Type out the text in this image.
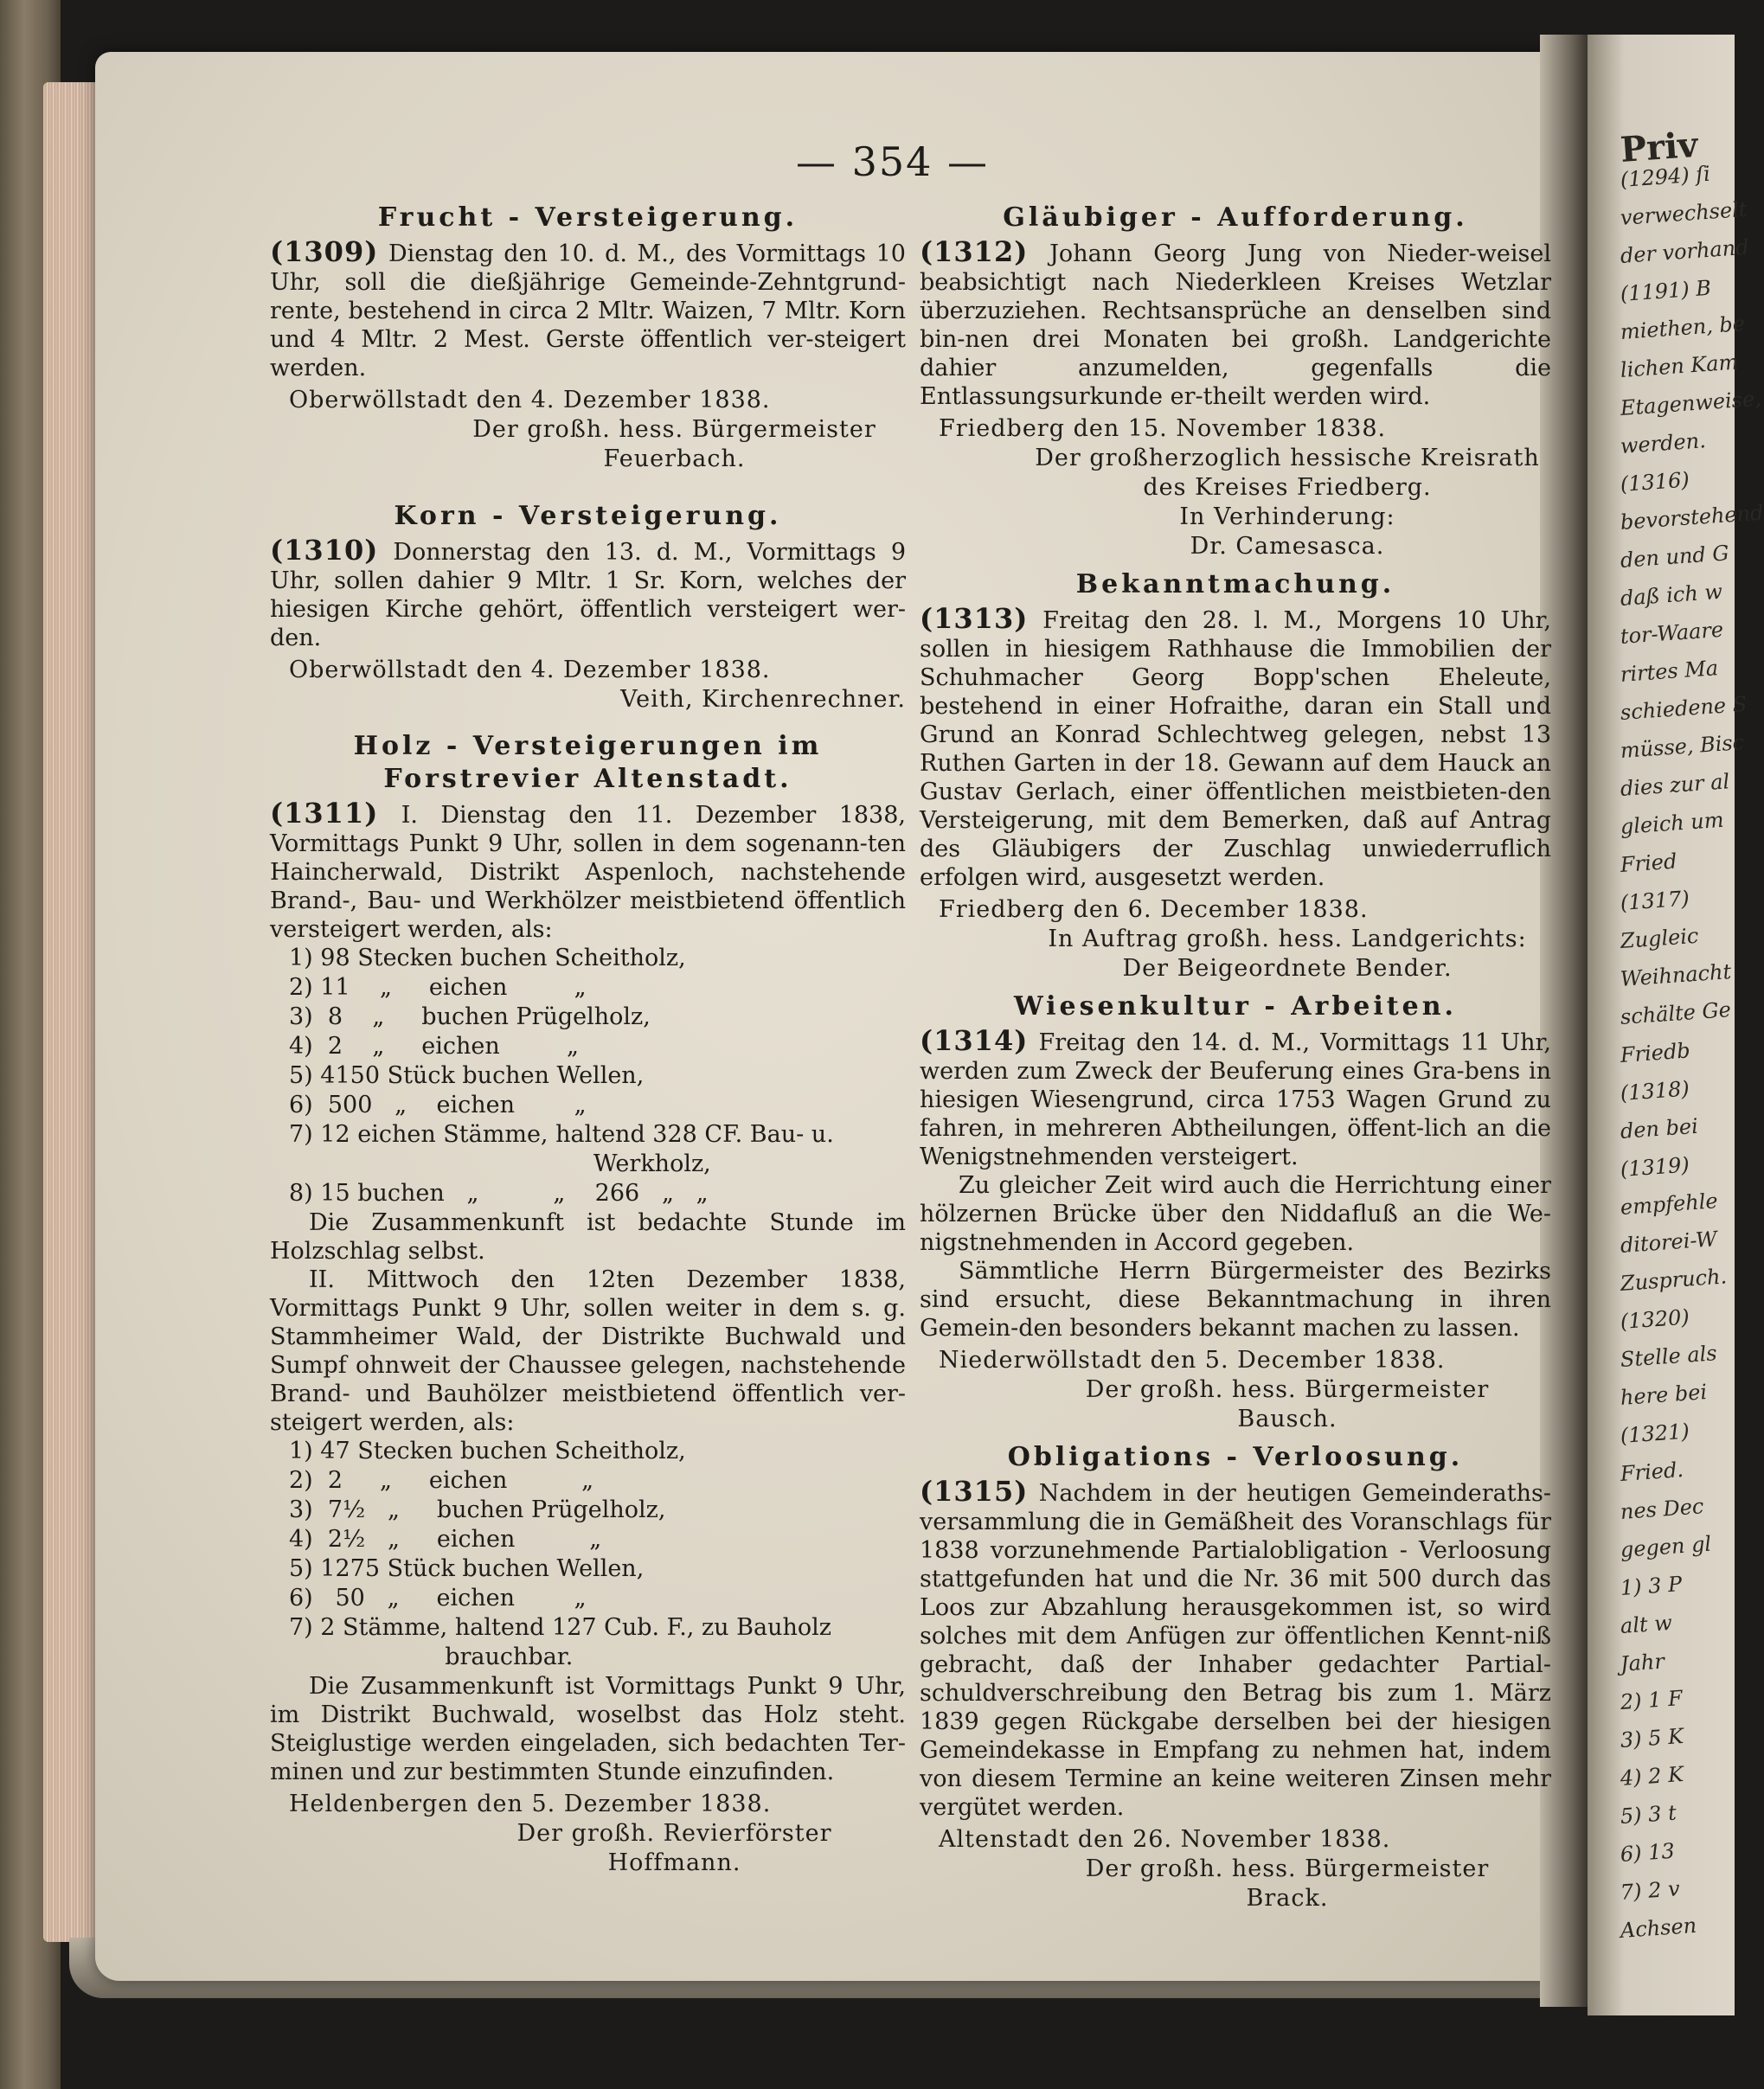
Priv
(1294) ſi
verwechselt
der vorhand
(1191) B
miethen, be
lichen Kam
Etagenweise,
werden.
(1316)
bevorstehend
den und G
daß ich w
tor-Waare
rirtes Ma
schiedene S
müsse, Bisc
dies zur al
gleich um
Fried
(1317)
Zugleic
Weihnacht
schälte Ge
Friedb
(1318)
den bei
(1319)
empfehle
ditorei-W
Zuspruch.
(1320)
Stelle als
here bei
(1321)
Fried.
nes Dec
gegen gl
1) 3 P
alt w
Jahr
2) 1 F
3) 5 K
4) 2 K
5) 3 t
6) 13
7) 2 v
Achsen
— 354 —
Frucht - Versteigerung.

(1309) Dienstag den 10. d. M., des Vormittags 10 Uhr, soll die dießjährige Gemeinde-Zehntgrund-rente, bestehend in circa 2 Mltr. Waizen, 7 Mltr. Korn und 4 Mltr. 2 Mest. Gerste öffentlich ver-steigert werden.

Oberwöllstadt den 4. Dezember 1838.
Der großh. hess. Bürgermeister
Feuerbach.
Korn - Versteigerung.

(1310) Donnerstag den 13. d. M., Vormittags 9 Uhr, sollen dahier 9 Mltr. 1 Sr. Korn, welches der hiesigen Kirche gehört, öffentlich versteigert wer-den.

Oberwöllstadt den 4. Dezember 1838.
Veith, Kirchenrechner.
Holz - Versteigerungen im Forstrevier Altenstadt.

(1311) I. Dienstag den 11. Dezember 1838, Vormittags Punkt 9 Uhr, sollen in dem sogenann-ten Haincherwald, Distrikt Aspenloch, nachstehende Brand-, Bau- und Werkhölzer meistbietend öffentlich versteigert werden, als:

1) 98 Stecken buchen Scheitholz,
2) 11    „     eichen         „
3)  8    „     buchen Prügelholz,
4)  2    „     eichen         „
5) 4150 Stück buchen Wellen,
6)  500   „    eichen        „
7) 12 eichen Stämme, haltend 328 CF. Bau- u.
Werkholz,
8) 15 buchen   „          „    266   „   „

Die Zusammenkunft ist bedachte Stunde im Holzschlag selbst.

II. Mittwoch den 12ten Dezember 1838, Vormittags Punkt 9 Uhr, sollen weiter in dem s. g. Stammheimer Wald, der Distrikte Buchwald und Sumpf ohnweit der Chaussee gelegen, nachstehende Brand- und Bauhölzer meistbietend öffentlich ver-steigert werden, als:

1) 47 Stecken buchen Scheitholz,
2)  2     „     eichen          „
3)  7½   „     buchen Prügelholz,
4)  2½   „     eichen          „
5) 1275 Stück buchen Wellen,
6)   50   „     eichen        „
7) 2 Stämme, haltend 127 Cub. F., zu Bauholz
brauchbar.

Die Zusammenkunft ist Vormittags Punkt 9 Uhr, im Distrikt Buchwald, woselbst das Holz steht. Steiglustige werden eingeladen, sich bedachten Ter-minen und zur bestimmten Stunde einzufinden.

Heldenbergen den 5. Dezember 1838.
Der großh. Revierförster
Hoffmann.
Gläubiger - Aufforderung.

(1312) Johann Georg Jung von Nieder-weisel beabsichtigt nach Niederkleen Kreises Wetzlar überzuziehen. Rechtsansprüche an denselben sind bin-nen drei Monaten bei großh. Landgerichte dahier anzumelden, gegenfalls die Entlassungsurkunde er-theilt werden wird.

Friedberg den 15. November 1838.
Der großherzoglich hessische Kreisrath
des Kreises Friedberg.
In Verhinderung:
Dr. Camesasca.
Bekanntmachung.

(1313) Freitag den 28. l. M., Morgens 10 Uhr, sollen in hiesigem Rathhause die Immobilien der Schuhmacher Georg Bopp'schen Eheleute, bestehend in einer Hofraithe, daran ein Stall und Grund an Konrad Schlechtweg gelegen, nebst 13 Ruthen Garten in der 18. Gewann auf dem Hauck an Gustav Gerlach, einer öffentlichen meistbieten-den Versteigerung, mit dem Bemerken, daß auf Antrag des Gläubigers der Zuschlag unwiederruflich erfolgen wird, ausgesetzt werden.

Friedberg den 6. December 1838.
In Auftrag großh. hess. Landgerichts:
Der Beigeordnete Bender.
Wiesenkultur - Arbeiten.

(1314) Freitag den 14. d. M., Vormittags 11 Uhr, werden zum Zweck der Beuferung eines Gra-bens in hiesigen Wiesengrund, circa 1753 Wagen Grund zu fahren, in mehreren Abtheilungen, öffent-lich an die Wenigstnehmenden versteigert.

Zu gleicher Zeit wird auch die Herrichtung einer hölzernen Brücke über den Niddafluß an die We-nigstnehmenden in Accord gegeben.

Sämmtliche Herrn Bürgermeister des Bezirks sind ersucht, diese Bekanntmachung in ihren Gemein-den besonders bekannt machen zu lassen.

Niederwöllstadt den 5. December 1838.
Der großh. hess. Bürgermeister
Bausch.
Obligations - Verloosung.

(1315) Nachdem in der heutigen Gemeinderaths-versammlung die in Gemäßheit des Voranschlags für 1838 vorzunehmende Partialobligation - Verloosung stattgefunden hat und die Nr. 36 mit 500 durch das Loos zur Abzahlung herausgekommen ist, so wird solches mit dem Anfügen zur öffentlichen Kennt-niß gebracht, daß der Inhaber gedachter Partial-schuldverschreibung den Betrag bis zum 1. März 1839 gegen Rückgabe derselben bei der hiesigen Gemeindekasse in Empfang zu nehmen hat, indem von diesem Termine an keine weiteren Zinsen mehr vergütet werden.

Altenstadt den 26. November 1838.
Der großh. hess. Bürgermeister
Brack.
